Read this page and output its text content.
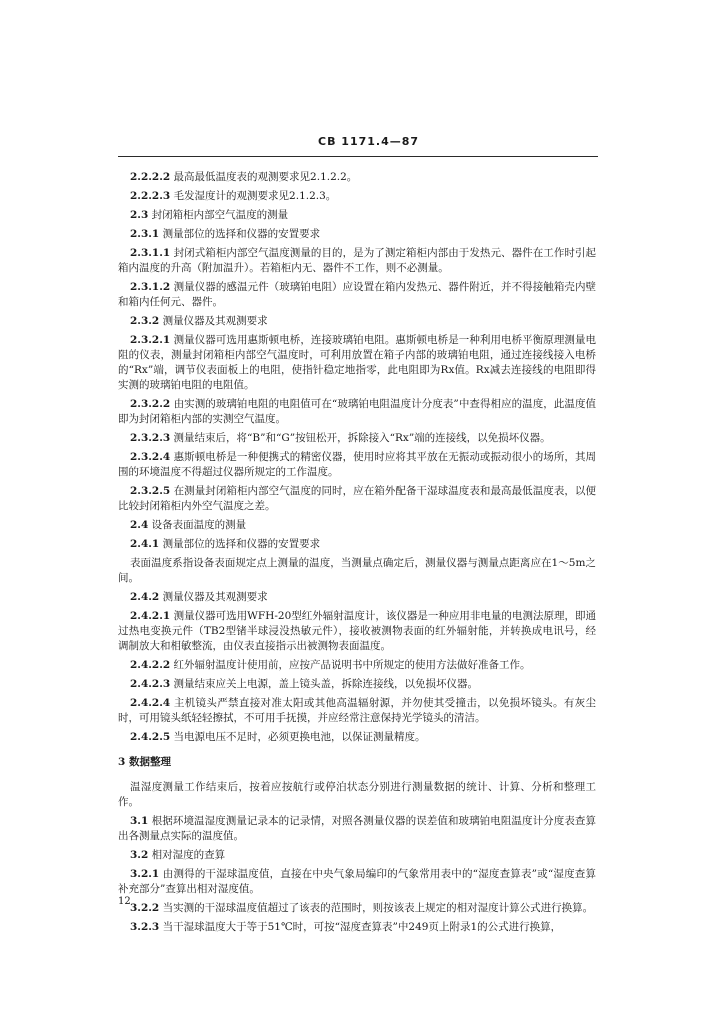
CB 1171.4—87

2.2.2.2 最高最低温度表的观测要求见2.1.2.2。

2.2.2.3 毛发湿度计的观测要求见2.1.2.3。

2.3 封闭箱柜内部空气温度的测量

2.3.1 测量部位的选择和仪器的安置要求

2.3.1.1 封闭式箱柜内部空气温度测量的目的，是为了测定箱柜内部由于发热元、器件在工作时引起箱内温度的升高（附加温升）。若箱柜内无、器件不工作，则不必测量。

2.3.1.2 测量仪器的感温元件（玻璃铂电阻）应设置在箱内发热元、器件附近，并不得接触箱壳内壁和箱内任何元、器件。

2.3.2 测量仪器及其观测要求

2.3.2.1 测量仪器可选用惠斯顿电桥，连接玻璃铂电阻。惠斯顿电桥是一种利用电桥平衡原理测量电阻的仪表，测量封闭箱柜内部空气温度时，可利用放置在箱子内部的玻璃铂电阻，通过连接线接入电桥的“Rx”端，调节仪表面板上的电阻，使指针稳定地指零，此电阻即为Rx值。Rx减去连接线的电阻即得实测的玻璃铂电阻的电阻值。

2.3.2.2 由实测的玻璃铂电阻的电阻值可在“玻璃铂电阻温度计分度表”中查得相应的温度，此温度值即为封闭箱柜内部的实测空气温度。

2.3.2.3 测量结束后，将“B”和“G”按钮松开，拆除接入“Rx”端的连接线，以免损坏仪器。

2.3.2.4 惠斯顿电桥是一种便携式的精密仪器，使用时应将其平放在无振动或振动很小的场所，其周围的环境温度不得超过仪器所规定的工作温度。

2.3.2.5 在测量封闭箱柜内部空气温度的同时，应在箱外配备干湿球温度表和最高最低温度表，以便比较封闭箱柜内外空气温度之差。

2.4 设备表面温度的测量

2.4.1 测量部位的选择和仪器的安置要求

表面温度系指设备表面规定点上测量的温度，当测量点确定后，测量仪器与测量点距离应在1～5m之间。

2.4.2 测量仪器及其观测要求

2.4.2.1 测量仪器可选用WFH-20型红外辐射温度计，该仪器是一种应用非电量的电测法原理，即通过热电变换元件（TB2型锗半球浸没热敏元件），接收被测物表面的红外辐射能，并转换成电讯号，经调制放大和相敏整流，由仪表直接指示出被测物表面温度。

2.4.2.2 红外辐射温度计使用前，应按产品说明书中所规定的使用方法做好准备工作。

2.4.2.3 测量结束应关上电源，盖上镜头盖，拆除连接线，以免损坏仪器。

2.4.2.4 主机镜头严禁直接对准太阳或其他高温辐射源，并勿使其受撞击，以免损坏镜头。有灰尘时，可用镜头纸轻轻擦拭，不可用手抚摸，并应经常注意保持光学镜头的清洁。

2.4.2.5 当电源电压不足时，必须更换电池，以保证测量精度。

3 数据整理

温湿度测量工作结束后，按着应按航行或停泊状态分别进行测量数据的统计、计算、分析和整理工作。

3.1 根据环境温湿度测量记录本的记录情，对照各测量仪器的误差值和玻璃铂电阻温度计分度表查算出各测量点实际的温度值。

3.2 相对湿度的查算

3.2.1 由测得的干湿球温度值，直接在中央气象局编印的气象常用表中的“湿度查算表”或“湿度查算补充部分”查算出相对湿度值。

3.2.2 当实测的干湿球温度值超过了该表的范围时，则按该表上规定的相对湿度计算公式进行换算。

3.2.3 当干湿球温度大于等于51℃时，可按“湿度查算表”中249页上附录1的公式进行换算，

12
